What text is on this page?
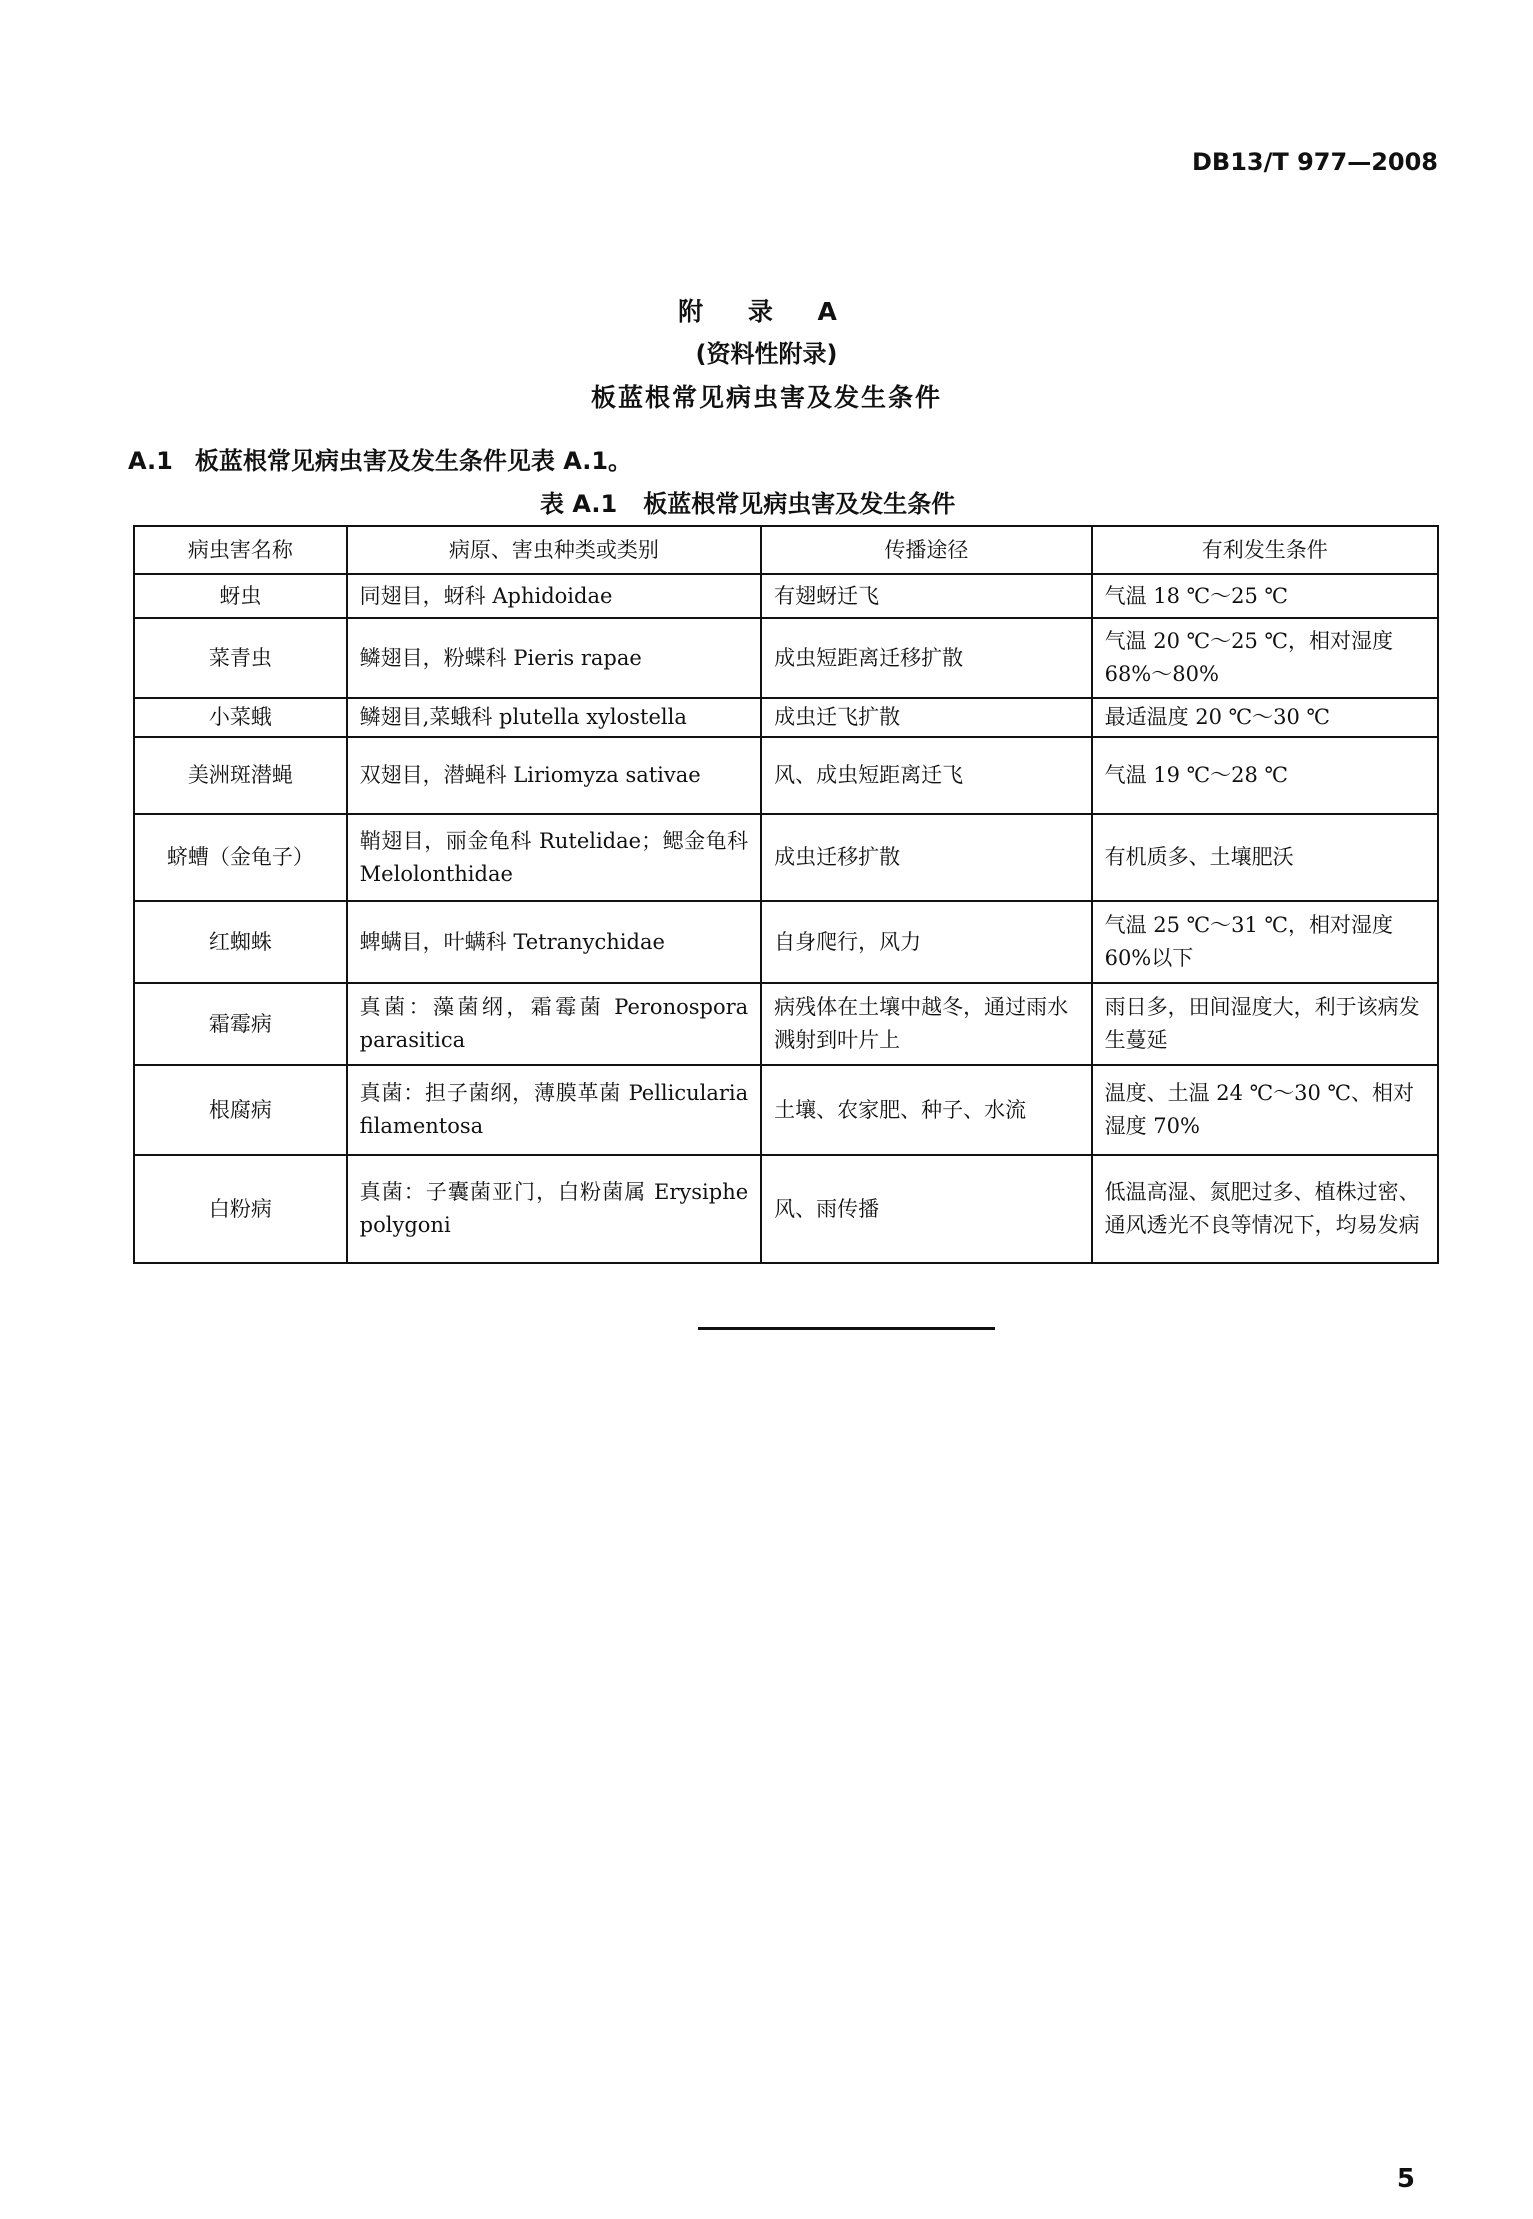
DB13/T 977—2008
附 录 A
(资料性附录)
板蓝根常见病虫害及发生条件
A.1 板蓝根常见病虫害及发生条件见表 A.1。
表 A.1 板蓝根常见病虫害及发生条件
病虫害名称	病原、害虫种类或类别	传播途径	有利发生条件
蚜虫	同翅目，蚜科 Aphidoidae	有翅蚜迁飞	气温 18 ℃～25 ℃
菜青虫	鳞翅目，粉蝶科 Pieris rapae	成虫短距离迁移扩散	气温 20 ℃～25 ℃，相对湿度 68%～80%
小菜蛾	鳞翅目,菜蛾科 plutella xylostella	成虫迁飞扩散	最适温度 20 ℃～30 ℃
美洲斑潜蝇	双翅目，潜蝇科 Liriomyza sativae	风、成虫短距离迁飞	气温 19 ℃～28 ℃
蛴螬（金龟子）	鞘翅目，丽金龟科 Rutelidae；鳃金龟科 Melolonthidae	成虫迁移扩散	有机质多、土壤肥沃
红蜘蛛	蜱螨目，叶螨科 Tetranychidae	自身爬行，风力	气温 25 ℃～31 ℃，相对湿度 60%以下
霜霉病	真菌：藻菌纲，霜霉菌 Peronospora parasitica	病残体在土壤中越冬，通过雨水溅射到叶片上	雨日多，田间湿度大，利于该病发生蔓延
根腐病	真菌：担子菌纲，薄膜革菌 Pellicularia filamentosa	土壤、农家肥、种子、水流	温度、土温 24 ℃～30 ℃、相对湿度 70%
白粉病	真菌：子囊菌亚门，白粉菌属 Erysiphe polygoni	风、雨传播	低温高湿、氮肥过多、植株过密、通风透光不良等情况下，均易发病
5
